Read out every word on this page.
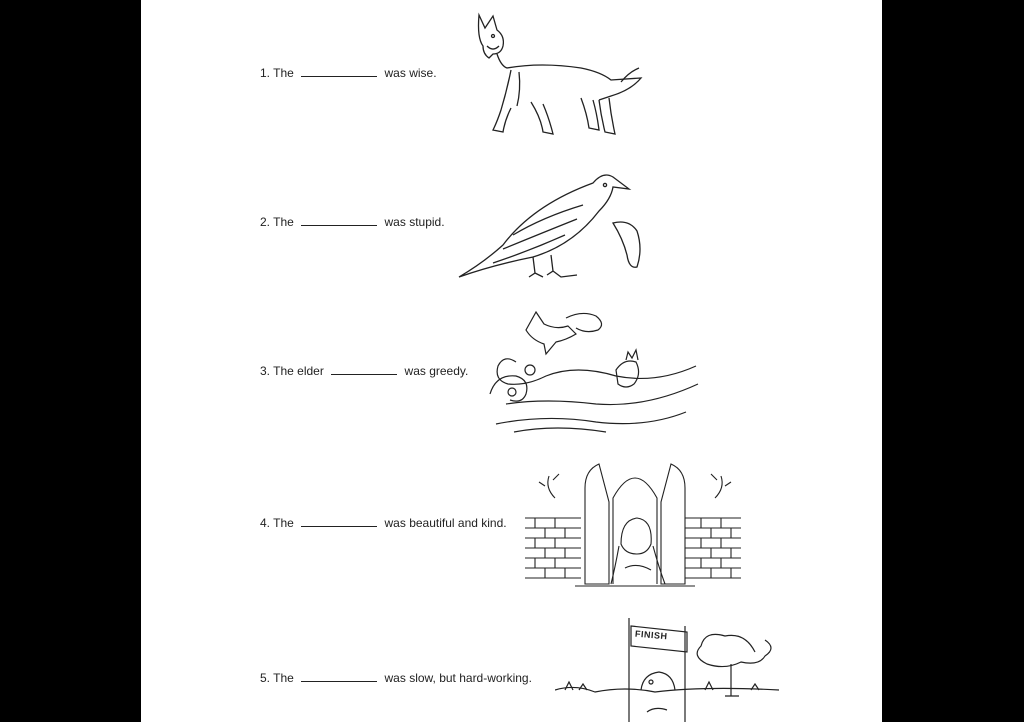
1. The	was wise.
2. The	was stupid.
3. The elder	was greedy.
4. The	was beautiful and kind.
5. The	was slow, but hard-working.
FINISH
